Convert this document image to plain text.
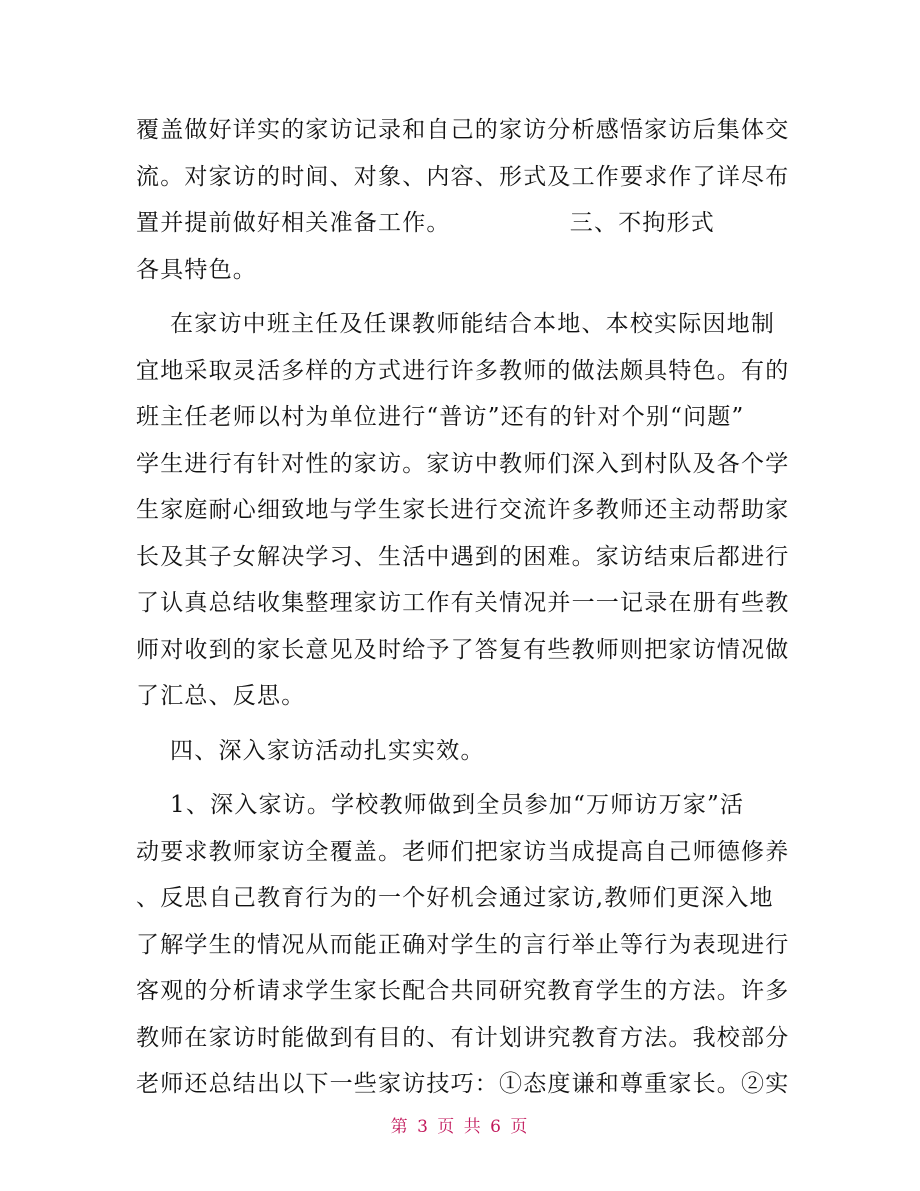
覆盖做好详实的家访记录和自己的家访分析感悟家访后集体交

流。对家访的时间、对象、内容、形式及工作要求作了详尽布

置并提前做好相关准备工作。              三、不拘形式

各具特色。

在家访中班主任及任课教师能结合本地、本校实际因地制

宜地采取灵活多样的方式进行许多教师的做法颇具特色。有的

班主任老师以村为单位进行“普访”还有的针对个别“问题”

学生进行有针对性的家访。家访中教师们深入到村队及各个学

生家庭耐心细致地与学生家长进行交流许多教师还主动帮助家

长及其子女解决学习、生活中遇到的困难。家访结束后都进行

了认真总结收集整理家访工作有关情况并一一记录在册有些教

师对收到的家长意见及时给予了答复有些教师则把家访情况做

了汇总、反思。

四、深入家访活动扎实实效。

1、深入家访。学校教师做到全员参加“万师访万家”活

动要求教师家访全覆盖。老师们把家访当成提高自己师德修养

、反思自己教育行为的一个好机会通过家访,教师们更深入地

了解学生的情况从而能正确对学生的言行举止等行为表现进行

客观的分析请求学生家长配合共同研究教育学生的方法。许多

教师在家访时能做到有目的、有计划讲究教育方法。我校部分

老师还总结出以下一些家访技巧：①态度谦和尊重家长。②实

第 3 页 共 6 页
